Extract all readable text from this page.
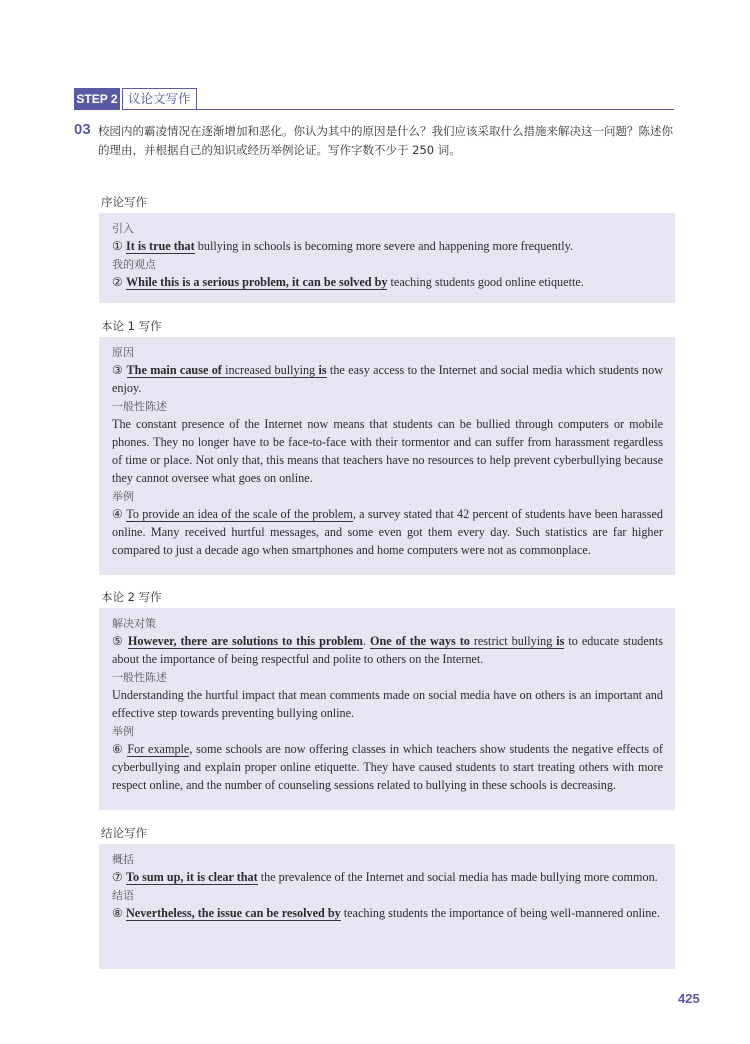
STEP 2 议论文写作
03 校园内的霸凌情况在逐渐增加和恶化。你认为其中的原因是什么？我们应该采取什么措施来解决这一问题？陈述你的理由，并根据自己的知识或经历举例论证。写作字数不少于 250 词。
序论写作
引入
① It is true that bullying in schools is becoming more severe and happening more frequently.
我的观点
② While this is a serious problem, it can be solved by teaching students good online etiquette.
本论 1 写作
原因
③ The main cause of increased bullying is the easy access to the Internet and social media which students now enjoy.
一般性陈述
The constant presence of the Internet now means that students can be bullied through computers or mobile phones. They no longer have to be face-to-face with their tormentor and can suffer from harassment regardless of time or place. Not only that, this means that teachers have no resources to help prevent cyberbullying because they cannot oversee what goes on online.
举例
④ To provide an idea of the scale of the problem, a survey stated that 42 percent of students have been harassed online. Many received hurtful messages, and some even got them every day. Such statistics are far higher compared to just a decade ago when smartphones and home computers were not as commonplace.
本论 2 写作
解决对策
⑤ However, there are solutions to this problem. One of the ways to restrict bullying is to educate students about the importance of being respectful and polite to others on the Internet.
一般性陈述
Understanding the hurtful impact that mean comments made on social media have on others is an important and effective step towards preventing bullying online.
举例
⑥ For example, some schools are now offering classes in which teachers show students the negative effects of cyberbullying and explain proper online etiquette. They have caused students to start treating others with more respect online, and the number of counseling sessions related to bullying in these schools is decreasing.
结论写作
概括
⑦ To sum up, it is clear that the prevalence of the Internet and social media has made bullying more common.
结语
⑧ Nevertheless, the issue can be resolved by teaching students the importance of being well-mannered online.
425
